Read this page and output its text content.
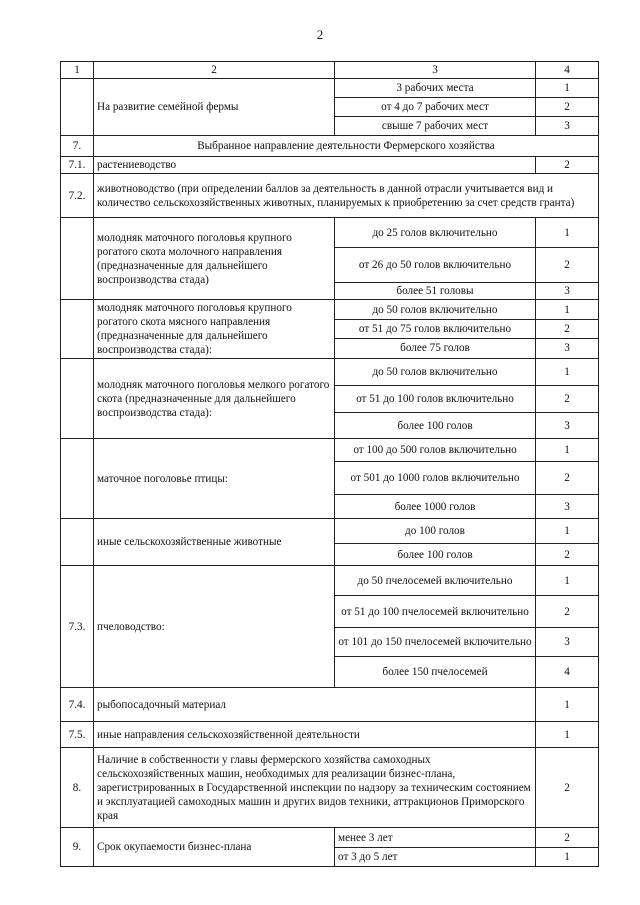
2
1	2	3	4
	На развитие семейной фермы	3 рабочих места	1
		от 4 до 7 рабочих мест	2
		свыше 7 рабочих мест	3
7.	Выбранное направление деятельности Фермерского хозяйства		
7.1.	растениеводство		2
7.2.	животноводство (при определении баллов за деятельность в данной отрасли учитывается вид и количество сельскохозяйственных животных, планируемых к приобретению за счет средств гранта)		
	молодняк маточного поголовья крупного рогатого скота молочного направления (предназначенные для дальнейшего воспроизводства стада)	до 25 голов включительно	1
		от 26 до 50 голов включительно	2
		более 51 головы	3
	молодняк маточного поголовья крупного рогатого скота мясного направления (предназначенные для дальнейшего воспроизводства стада):	до 50 голов включительно	1
		от 51 до 75 голов включительно	2
		более 75 голов	3
	молодняк маточного поголовья мелкого рогатого скота (предназначенные для дальнейшего воспроизводства стада):	до 50 голов включительно	1
		от 51 до 100 голов включительно	2
		более 100 голов	3
	маточное поголовье птицы:	от 100 до 500 голов включительно	1
		от 501 до 1000 голов включительно	2
		более 1000 голов	3
	иные сельскохозяйственные животные	до 100 голов	1
		более 100 голов	2
7.3.	пчеловодство:	до 50 пчелосемей включительно	1
		от 51 до 100 пчелосемей включительно	2
		от 101 до 150 пчелосемей включительно	3
		более 150 пчелосемей	4
7.4.	рыбопосадочный материал		1
7.5.	иные направления сельскохозяйственной деятельности		1
8.	Наличие в собственности у главы фермерского хозяйства самоходных сельскохозяйственных машин, необходимых для реализации бизнес-плана, зарегистрированных в Государственной инспекции по надзору за техническим состоянием и эксплуатацией самоходных машин и других видов техники, аттракционов Приморского края		2
9.	Срок окупаемости бизнес-плана	менее 3 лет	2
		от 3 до 5 лет	1
